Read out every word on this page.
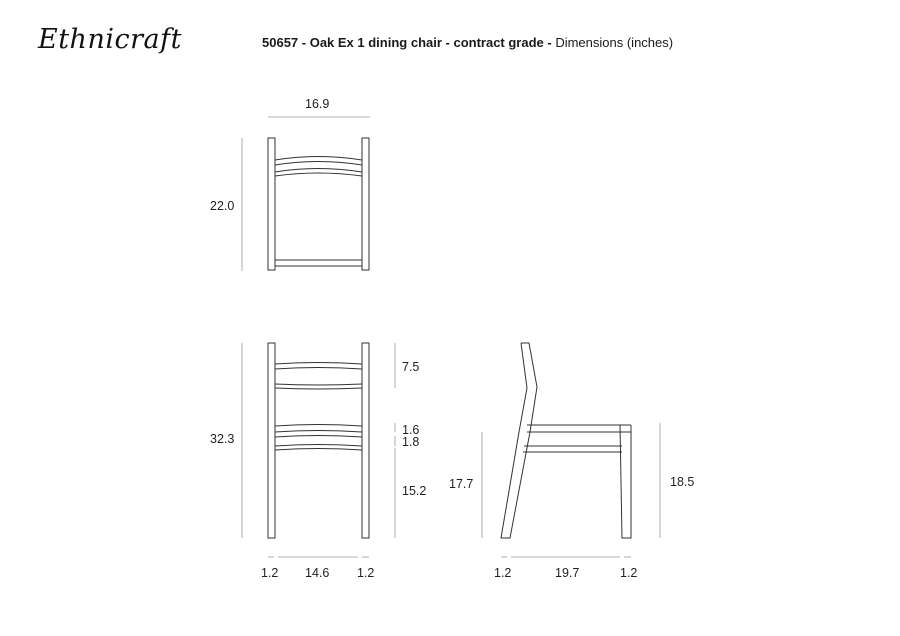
Ethnicraft	50657 - Oak Ex 1 dining chair - contract grade - Dimensions (inches)
16.9
22.0
32.3
7.5
1.6
1.8
15.2
1.2 14.6 1.2
17.7	18.5
1.2	19.7	1.2
